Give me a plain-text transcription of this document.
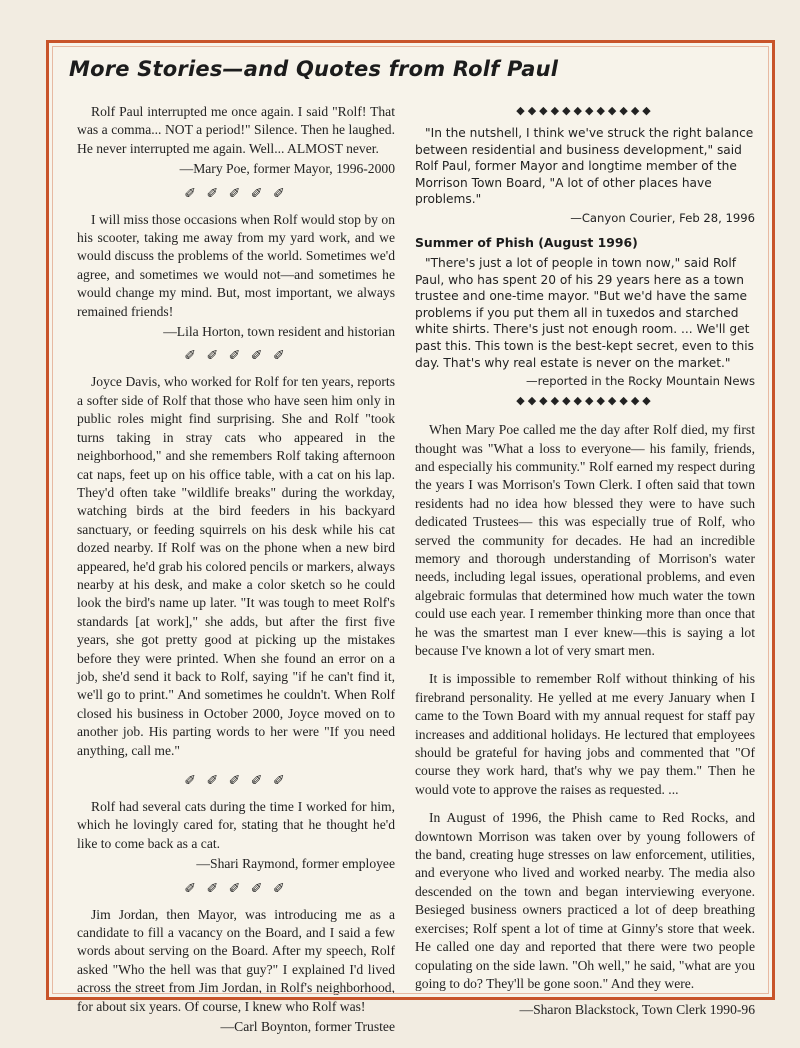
More Stories—and Quotes from Rolf Paul

Rolf Paul interrupted me once again. I said "Rolf! That was a comma... NOT a period!" Silence. Then he laughed. He never interrupted me again. Well... ALMOST never.

—Mary Poe, former Mayor, 1996-2000

✐ ✐ ✐ ✐ ✐

I will miss those occasions when Rolf would stop by on his scooter, taking me away from my yard work, and we would discuss the problems of the world. Sometimes we'd agree, and sometimes we would not—and sometimes he would change my mind. But, most important, we always remained friends!

—Lila Horton, town resident and historian

✐ ✐ ✐ ✐ ✐

Joyce Davis, who worked for Rolf for ten years, reports a softer side of Rolf that those who have seen him only in public roles might find surprising. She and Rolf "took turns taking in stray cats who appeared in the neighborhood," and she remembers Rolf taking afternoon cat naps, feet up on his office table, with a cat on his lap. They'd often take "wildlife breaks" during the workday, watching birds at the bird feeders in his backyard sanctuary, or feeding squirrels on his desk while his cat dozed nearby. If Rolf was on the phone when a new bird appeared, he'd grab his colored pencils or markers, always nearby at his desk, and make a color sketch so he could look the bird's name up later. "It was tough to meet Rolf's standards [at work]," she adds, but after the first five years, she got pretty good at picking up the mistakes before they were printed. When she found an error on a job, she'd send it back to Rolf, saying "if he can't find it, we'll go to print." And sometimes he couldn't. When Rolf closed his business in October 2000, Joyce moved on to another job. His parting words to her were "If you need anything, call me."

✐ ✐ ✐ ✐ ✐

Rolf had several cats during the time I worked for him, which he lovingly cared for, stating that he thought he'd like to come back as a cat.

—Shari Raymond, former employee

✐ ✐ ✐ ✐ ✐

Jim Jordan, then Mayor, was introducing me as a candidate to fill a vacancy on the Board, and I said a few words about serving on the Board. After my speech, Rolf asked "Who the hell was that guy?" I explained I'd lived across the street from Jim Jordan, in Rolf's neighborhood, for about six years. Of course, I knew who Rolf was!

—Carl Boynton, former Trustee

◆◆◆◆◆◆◆◆◆◆◆◆

"In the nutshell, I think we've struck the right balance between residential and business development," said Rolf Paul, former Mayor and longtime member of the Morrison Town Board, "A lot of other places have problems."

—Canyon Courier, Feb 28, 1996

Summer of Phish (August 1996)

"There's just a lot of people in town now," said Rolf Paul, who has spent 20 of his 29 years here as a town trustee and one-time mayor. "But we'd have the same problems if you put them all in tuxedos and starched white shirts. There's just not enough room. ... We'll get past this. This town is the best-kept secret, even to this day. That's why real estate is never on the market."

—reported in the Rocky Mountain News

◆◆◆◆◆◆◆◆◆◆◆◆

When Mary Poe called me the day after Rolf died, my first thought was "What a loss to everyone— his family, friends, and especially his community." Rolf earned my respect during the years I was Morrison's Town Clerk. I often said that town residents had no idea how blessed they were to have such dedicated Trustees— this was especially true of Rolf, who served the community for decades. He had an incredible memory and thorough understanding of Morrison's water needs, including legal issues, operational problems, and even algebraic formulas that determined how much water the town could use each year. I remember thinking more than once that he was the smartest man I ever knew—this is saying a lot because I've known a lot of very smart men.

It is impossible to remember Rolf without thinking of his firebrand personality. He yelled at me every January when I came to the Town Board with my annual request for staff pay increases and additional holidays. He lectured that employees should be grateful for having jobs and commented that "Of course they work hard, that's why we pay them." Then he would vote to approve the raises as requested. ...

In August of 1996, the Phish came to Red Rocks, and downtown Morrison was taken over by young followers of the band, creating huge stresses on law enforcement, utilities, and everyone who lived and worked nearby. The media also descended on the town and began interviewing everyone. Besieged business owners practiced a lot of deep breathing exercises; Rolf spent a lot of time at Ginny's store that week. He called one day and reported that there were two people copulating on the side lawn. "Oh well," he said, "what are you going to do? They'll be gone soon." And they were.

—Sharon Blackstock, Town Clerk 1990-96
